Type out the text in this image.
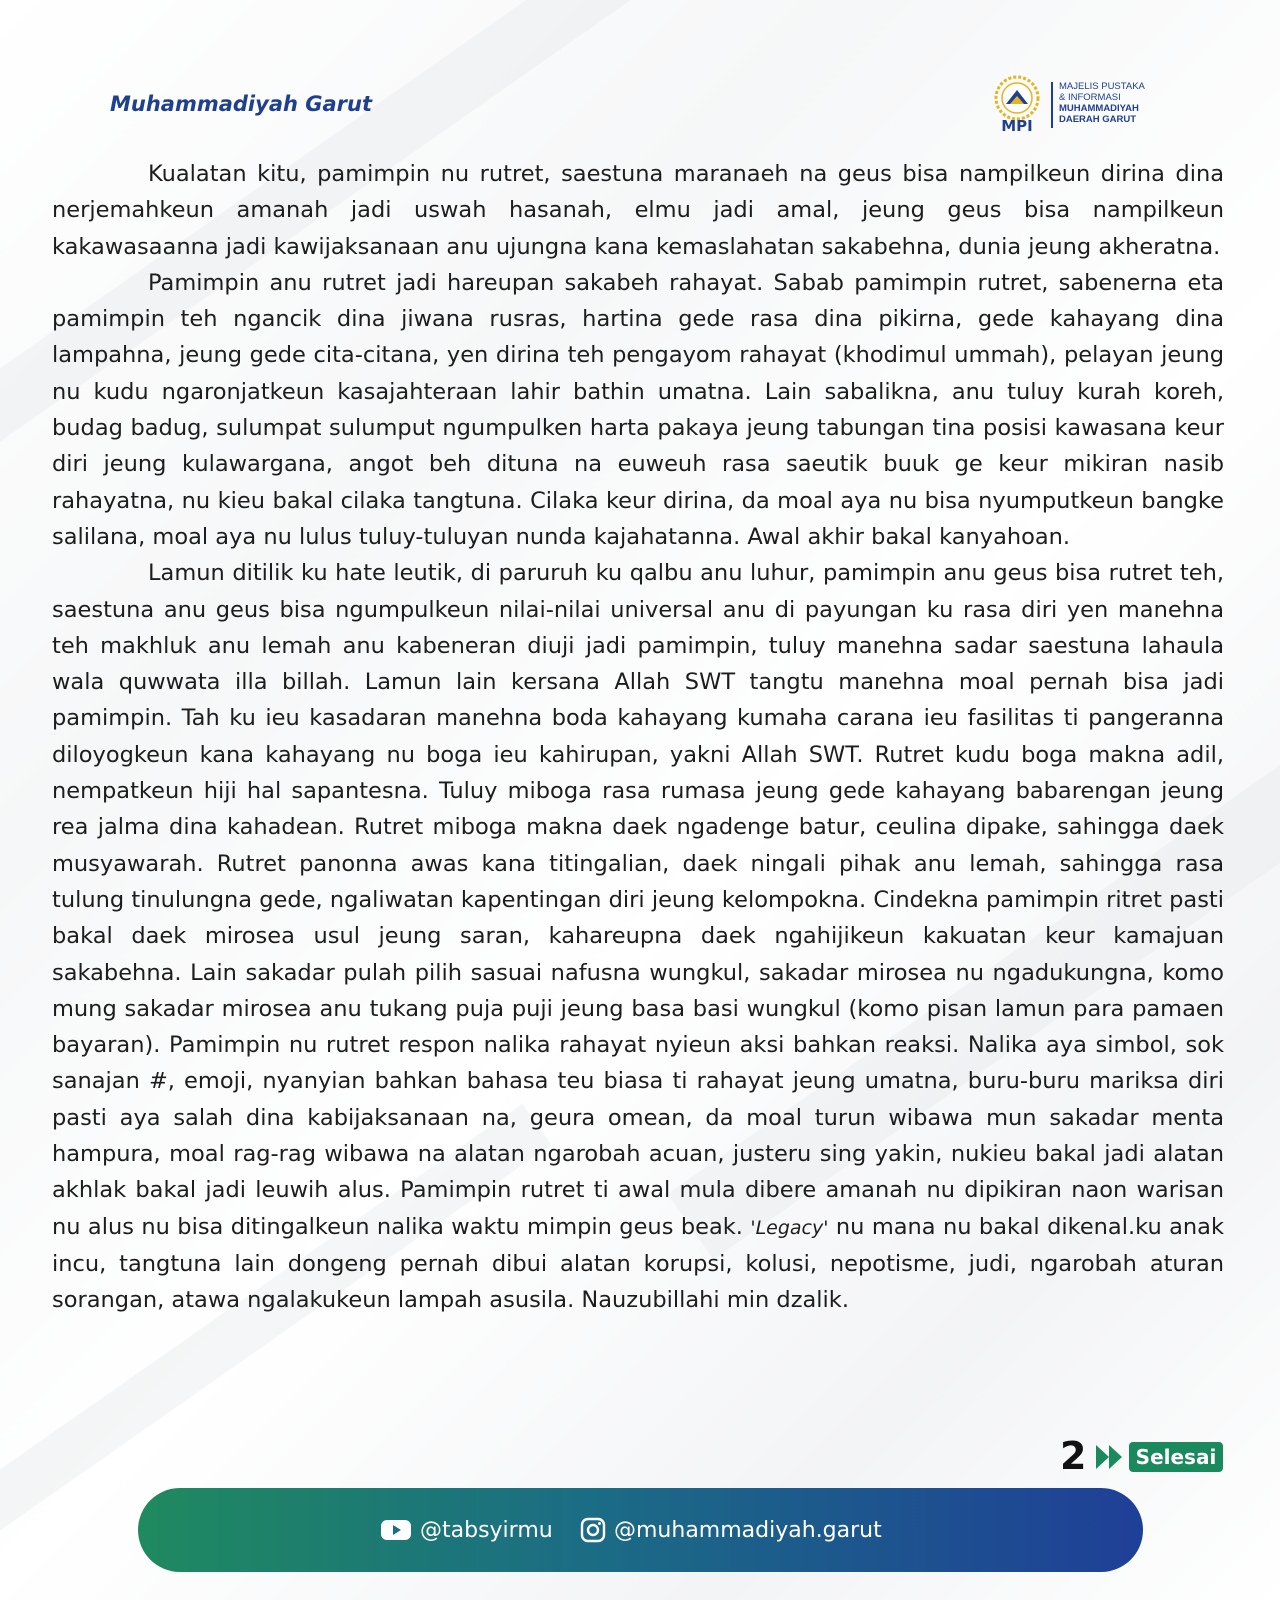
Muhammadiyah Garut
MPI
MAJELIS PUSTAKA
& INFORMASI
MUHAMMADIYAH
DAERAH GARUT

Kualatan kitu, pamimpin nu rutret, saestuna maranaeh na geus bisa nampilkeun dirina dina nerjemahkeun amanah jadi uswah hasanah, elmu jadi amal, jeung geus bisa nampilkeun kakawasaanna jadi kawijaksanaan anu ujungna kana kemaslahatan sakabehna, dunia jeung akheratna.

Pamimpin anu rutret jadi hareupan sakabeh rahayat. Sabab pamimpin rutret, sabenerna eta pamimpin teh ngancik dina jiwana rusras, hartina gede rasa dina pikirna, gede kahayang dina lampahna, jeung gede cita-citana, yen dirina teh pengayom rahayat (khodimul ummah), pelayan jeung nu kudu ngaronjatkeun kasajahteraan lahir bathin umatna. Lain sabalikna, anu tuluy kurah koreh, budag badug, sulumpat sulumput ngumpulken harta pakaya jeung tabungan tina posisi kawasana keur diri jeung kulawargana, angot beh dituna na euweuh rasa saeutik buuk ge keur mikiran nasib rahayatna, nu kieu bakal cilaka tangtuna. Cilaka keur dirina, da moal aya nu bisa nyumputkeun bangke salilana, moal aya nu lulus tuluy-tuluyan nunda kajahatanna. Awal akhir bakal kanyahoan.

Lamun ditilik ku hate leutik, di paruruh ku qalbu anu luhur, pamimpin anu geus bisa rutret teh, saestuna anu geus bisa ngumpulkeun nilai-nilai universal anu di payungan ku rasa diri yen manehna teh makhluk anu lemah anu kabeneran diuji jadi pamimpin, tuluy manehna sadar saestuna lahaula wala quwwata illa billah. Lamun lain kersana Allah SWT tangtu manehna moal pernah bisa jadi pamimpin. Tah ku ieu kasadaran manehna boda kahayang kumaha carana ieu fasilitas ti pangeranna diloyogkeun kana kahayang nu boga ieu kahirupan, yakni Allah SWT. Rutret kudu boga makna adil, nempatkeun hiji hal sapantesna. Tuluy miboga rasa rumasa jeung gede kahayang babarengan jeung rea jalma dina kahadean. Rutret miboga makna daek ngadenge batur, ceulina dipake, sahingga daek musyawarah. Rutret panonna awas kana titingalian, daek ningali pihak anu lemah, sahingga rasa tulung tinulungna gede, ngaliwatan kapentingan diri jeung kelompokna. Cindekna pamimpin ritret pasti bakal daek mirosea usul jeung saran, kahareupna daek ngahijikeun kakuatan keur kamajuan sakabehna. Lain sakadar pulah pilih sasuai nafusna wungkul, sakadar mirosea nu ngadukungna, komo mung sakadar mirosea anu tukang puja puji jeung basa basi wungkul (komo pisan lamun para pamaen bayaran). Pamimpin nu rutret respon nalika rahayat nyieun aksi bahkan reaksi. Nalika aya simbol, sok sanajan #, emoji, nyanyian bahkan bahasa teu biasa ti rahayat jeung umatna, buru-buru mariksa diri pasti aya salah dina kabijaksanaan na, geura omean, da moal turun wibawa mun sakadar menta hampura, moal rag-rag wibawa na alatan ngarobah acuan, justeru sing yakin, nukieu bakal jadi alatan akhlak bakal jadi leuwih alus. Pamimpin rutret ti awal mula dibere amanah nu dipikiran naon warisan nu alus nu bisa ditingalkeun nalika waktu mimpin geus beak. 'Legacy' nu mana nu bakal dikenal.ku anak incu, tangtuna lain dongeng pernah dibui alatan korupsi, kolusi, nepotisme, judi, ngarobah aturan sorangan, atawa ngalakukeun lampah asusila. Nauzubillahi min dzalik.

2	Selesai
@tabsyirmu	@muhammadiyah.garut
